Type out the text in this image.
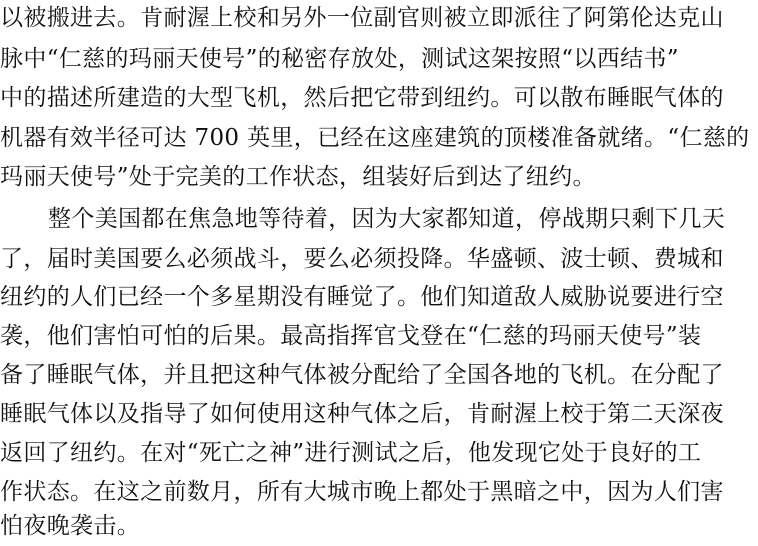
以被搬进去。肯耐渥上校和另外一位副官则被立即派往了阿第伦达克山
脉中“仁慈的玛丽天使号”的秘密存放处，测试这架按照“以西结书”
中的描述所建造的大型飞机，然后把它带到纽约。可以散布睡眠气体的
机器有效半径可达 700 英里，已经在这座建筑的顶楼准备就绪。“仁慈的
玛丽天使号”处于完美的工作状态，组装好后到达了纽约。
整个美国都在焦急地等待着，因为大家都知道，停战期只剩下几天
了，届时美国要么必须战斗，要么必须投降。华盛顿、波士顿、费城和
纽约的人们已经一个多星期没有睡觉了。他们知道敌人威胁说要进行空
袭，他们害怕可怕的后果。最高指挥官戈登在“仁慈的玛丽天使号”装
备了睡眠气体，并且把这种气体被分配给了全国各地的飞机。在分配了
睡眠气体以及指导了如何使用这种气体之后，肯耐渥上校于第二天深夜
返回了纽约。在对“死亡之神”进行测试之后，他发现它处于良好的工
作状态。在这之前数月，所有大城市晚上都处于黑暗之中，因为人们害
怕夜晚袭击。
